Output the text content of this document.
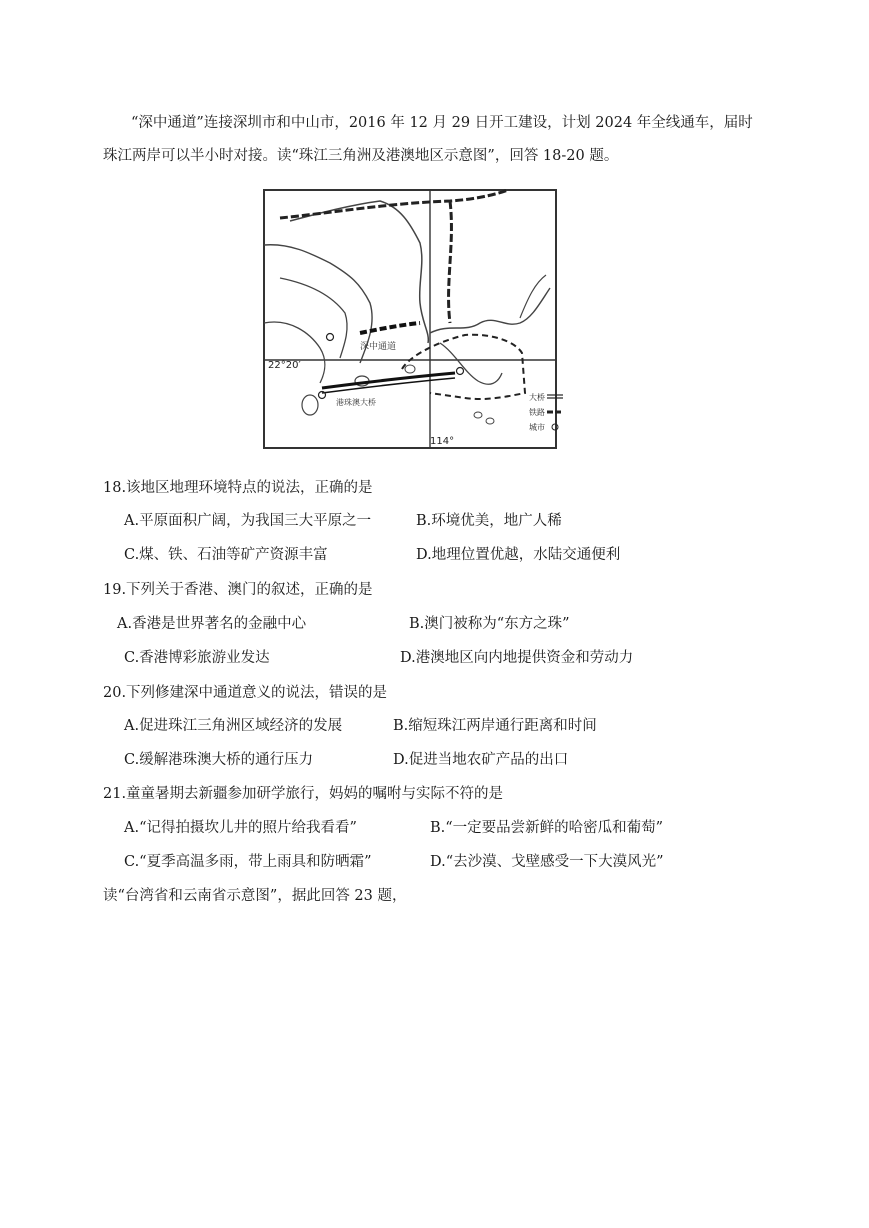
“深中通道”连接深圳市和中山市，2016 年 12 月 29 日开工建设，计划 2024 年全线通车，届时
珠江两岸可以半小时对接。读“珠江三角洲及港澳地区示意图”，回答 18-20 题。
深中通道
港珠澳大桥
22°20′
114°
大桥
铁路
城市
18.该地区地理环境特点的说法，正确的是
A.平原面积广阔，为我国三大平原之一	B.环境优美，地广人稀
C.煤、铁、石油等矿产资源丰富	D.地理位置优越，水陆交通便利
19.下列关于香港、澳门的叙述，正确的是
A.香港是世界著名的金融中心	B.澳门被称为“东方之珠”
C.香港博彩旅游业发达	D.港澳地区向内地提供资金和劳动力
20.下列修建深中通道意义的说法，错误的是
A.促进珠江三角洲区域经济的发展	B.缩短珠江两岸通行距离和时间
C.缓解港珠澳大桥的通行压力	D.促进当地农矿产品的出口
21.童童暑期去新疆参加研学旅行，妈妈的嘱咐与实际不符的是
A.“记得拍摄坎儿井的照片给我看看”	B.“一定要品尝新鲜的哈密瓜和葡萄”
C.“夏季高温多雨，带上雨具和防晒霜”	D.“去沙漠、戈壁感受一下大漠风光”
读“台湾省和云南省示意图”，据此回答 23 题，
